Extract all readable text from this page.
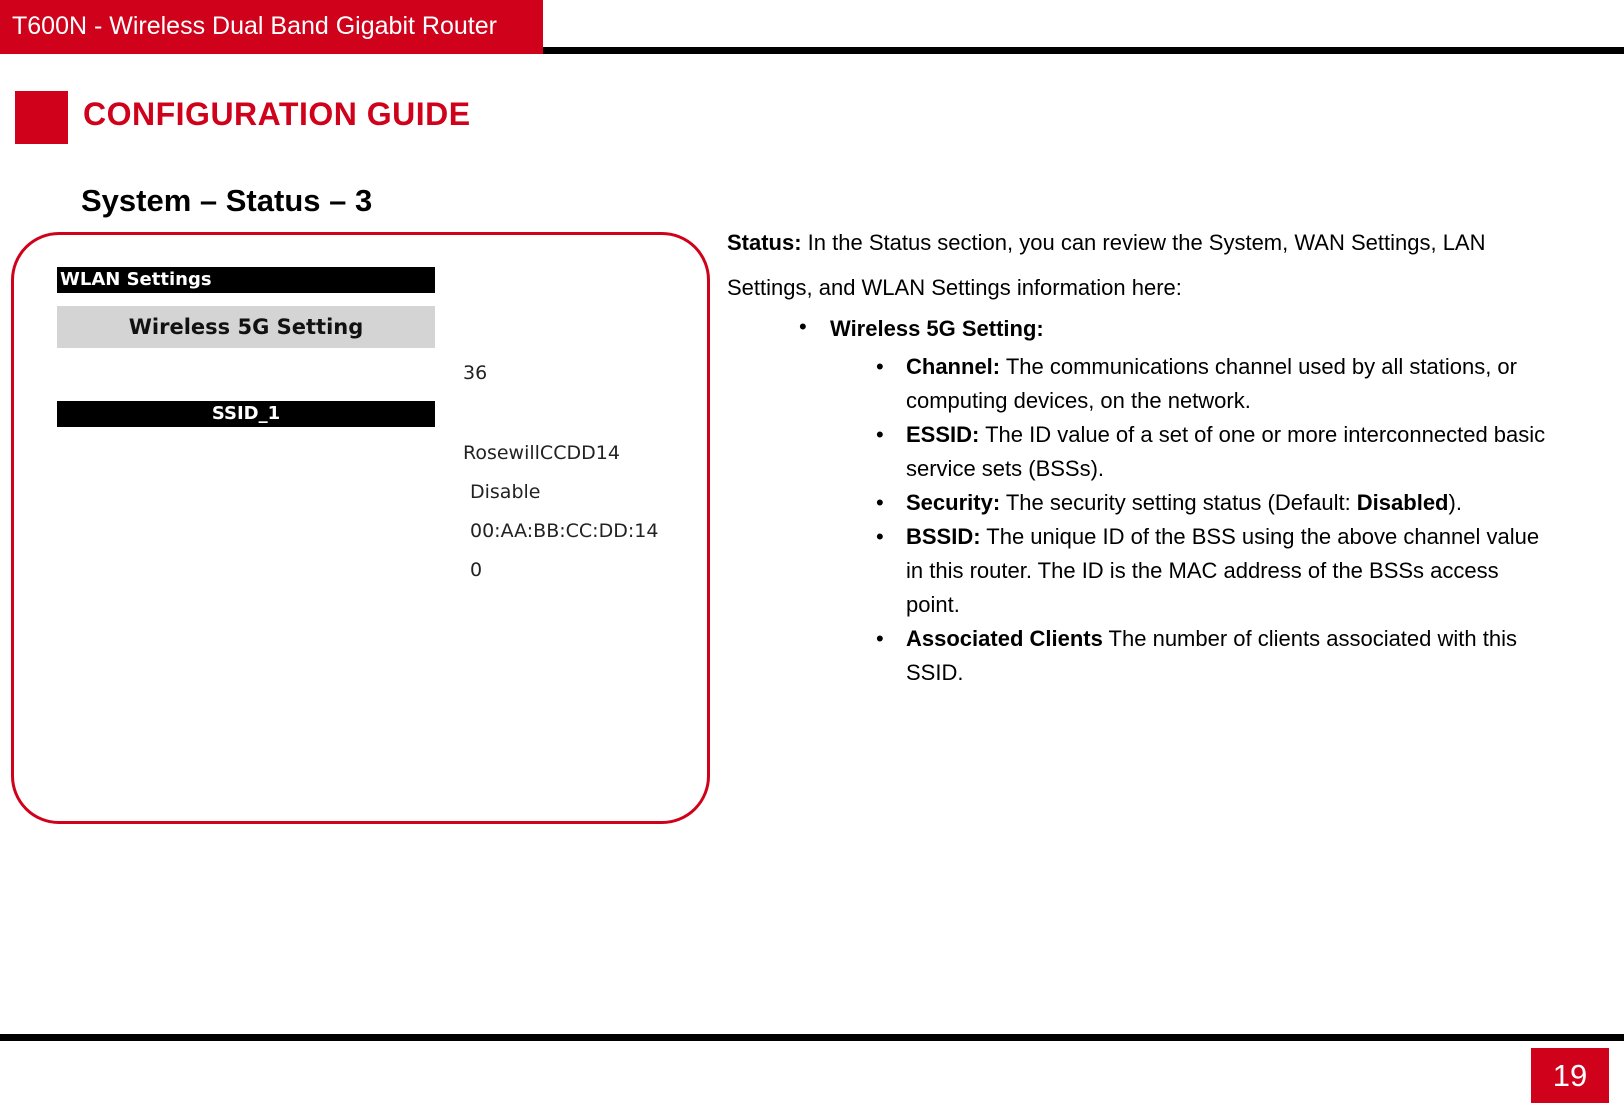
T600N - Wireless Dual Band Gigabit Router
CONFIGURATION GUIDE
System – Status – 3
WLAN Settings
Wireless 5G Setting
36
SSID_1
RosewillCCDD14
Disable
00:AA:BB:CC:DD:14
0
Status: In the Status section, you can review the System, WAN Settings, LAN Settings, and WLAN Settings information here:
• Wireless 5G Setting:
• Channel: The communications channel used by all stations, or computing devices, on the network.
• ESSID: The ID value of a set of one or more interconnected basic service sets (BSSs).
• Security: The security setting status (Default: Disabled).
• BSSID: The unique ID of the BSS using the above channel value in this router. The ID is the MAC address of the BSSs access point.
• Associated Clients The number of clients associated with this SSID.
19
